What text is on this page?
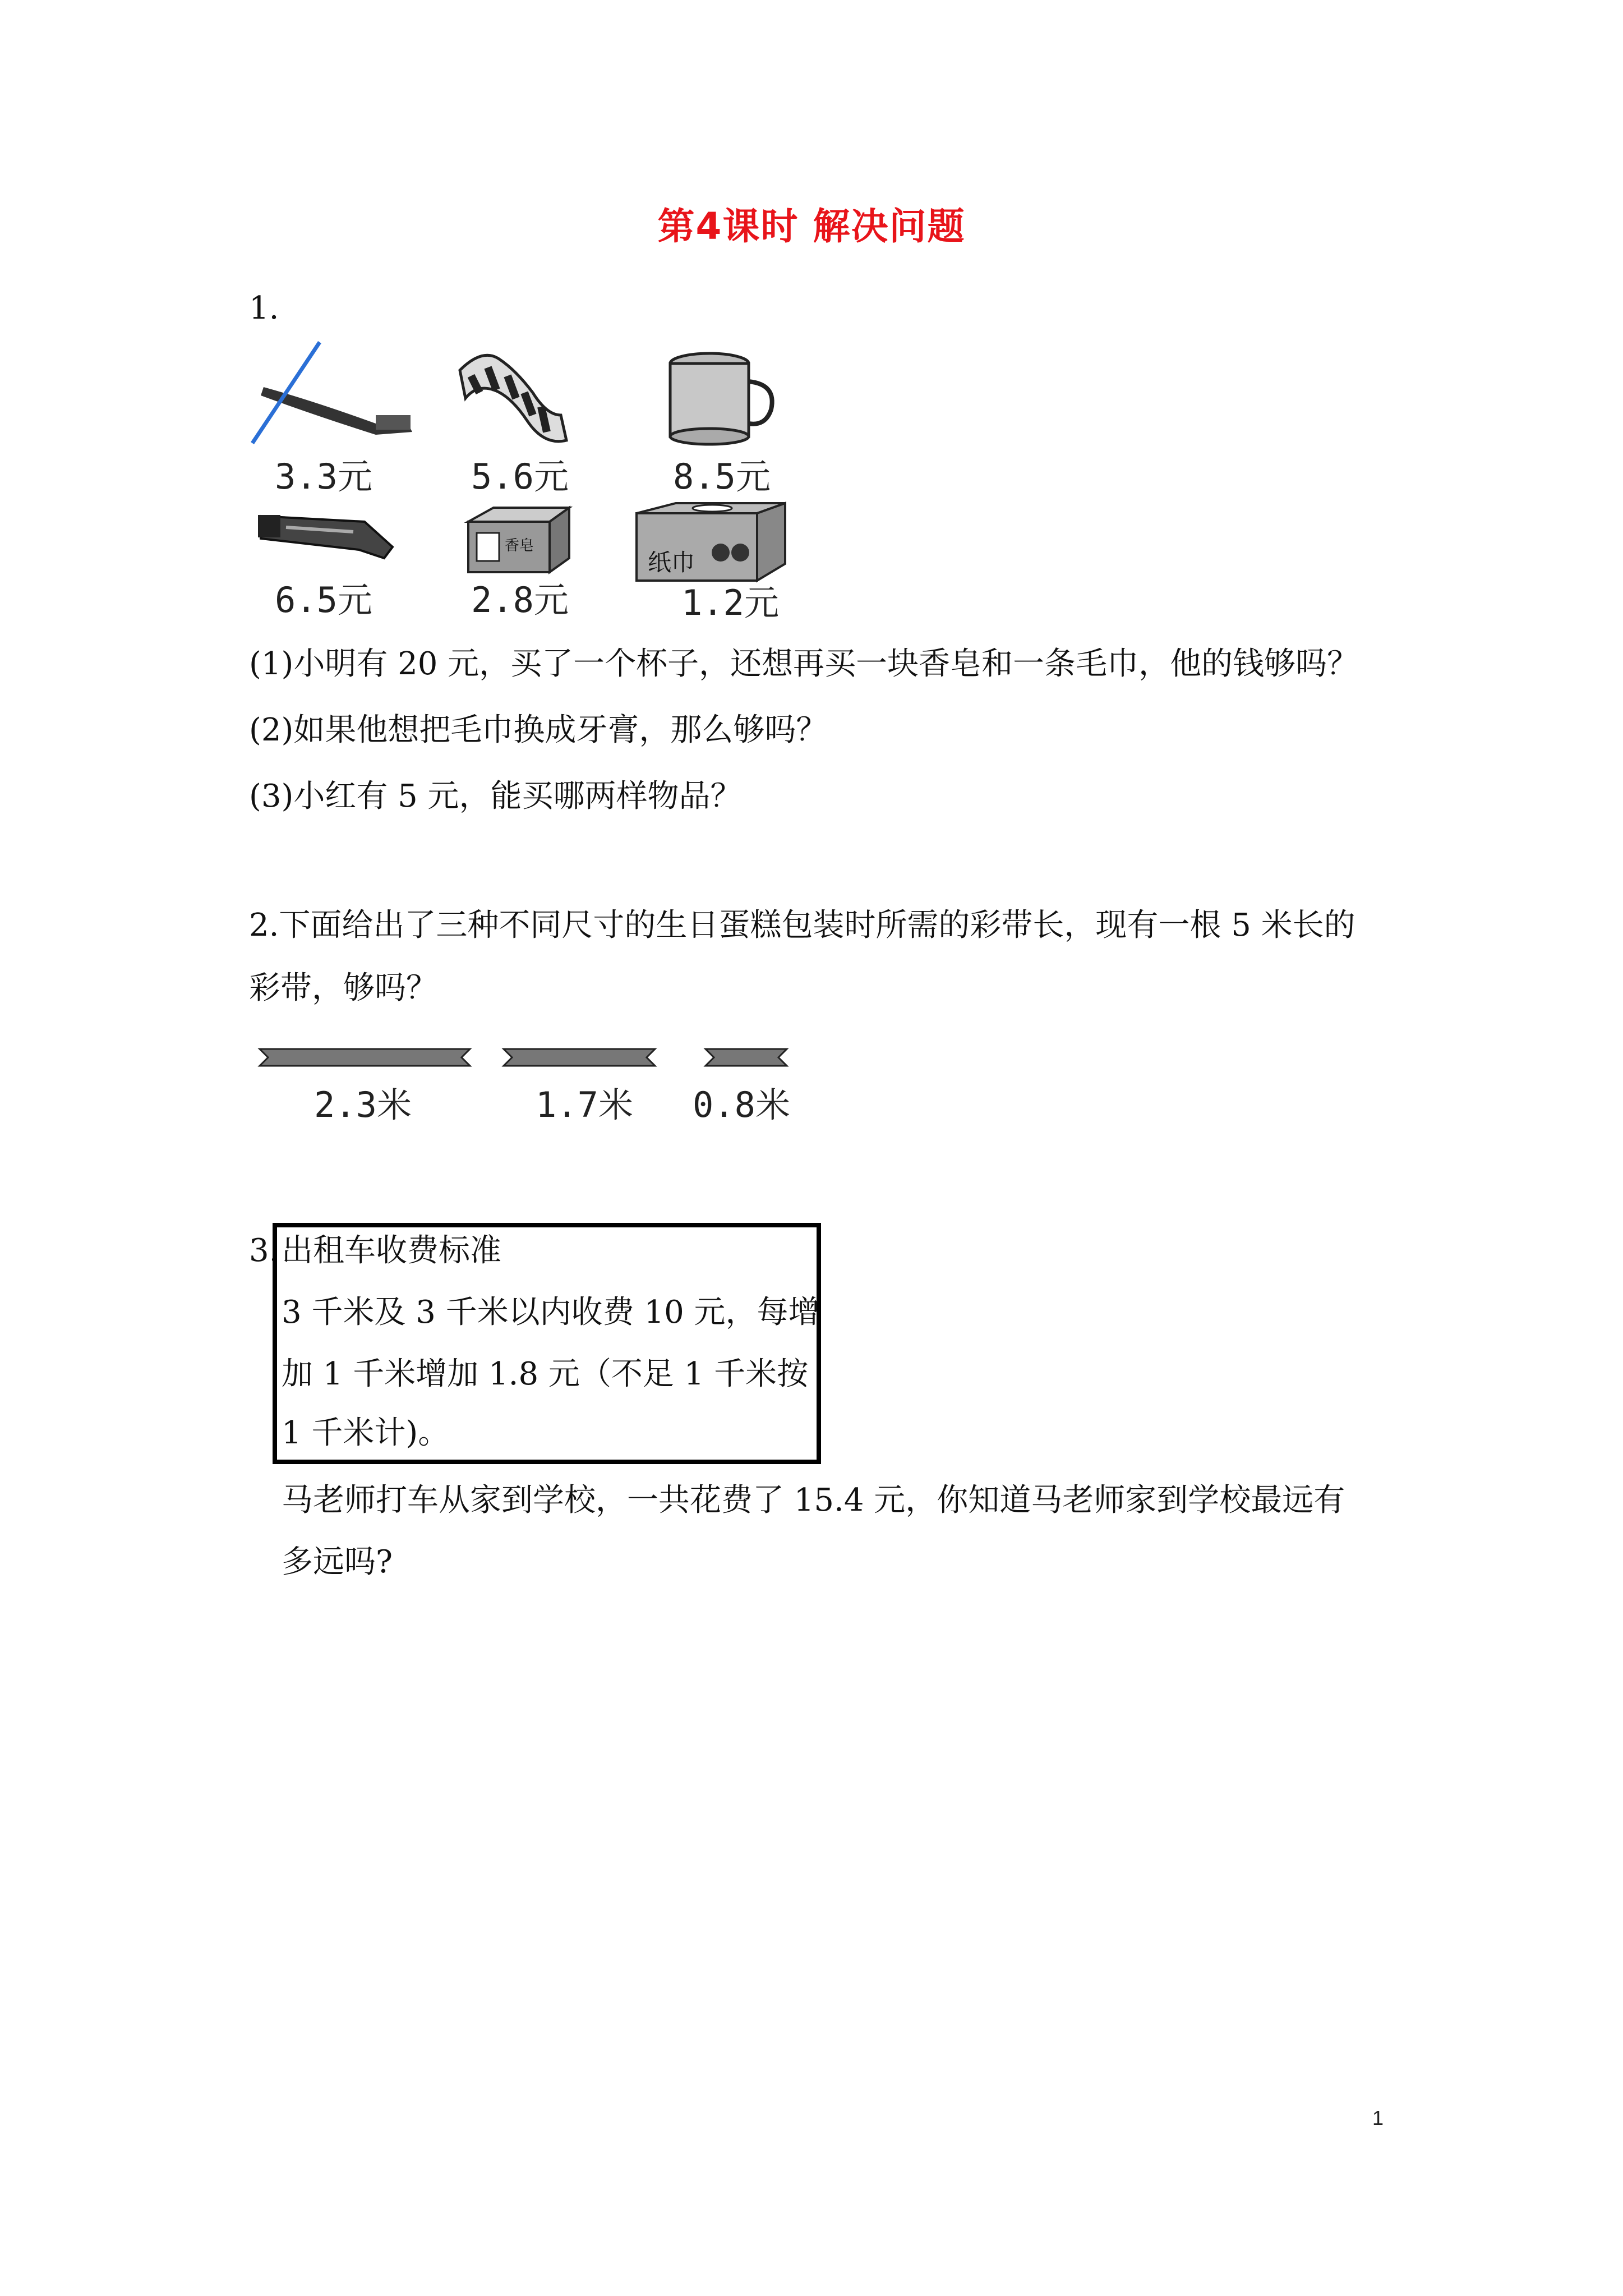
第4课时 解决问题
1.
3.3元	5.6元	8.5元
6.5元
香皂
2.8元
纸巾
1.2元
(1)小明有 20 元，买了一个杯子，还想再买一块香皂和一条毛巾，他的钱够吗？
(2)如果他想把毛巾换成牙膏，那么够吗？
(3)小红有 5 元，能买哪两样物品？
2.下面给出了三种不同尺寸的生日蛋糕包装时所需的彩带长，现有一根 5 米长的
彩带，够吗？
2.3米	1.7米 0.8米
3. 出租车收费标准
3 千米及 3 千米以内收费 10 元，每增
加 1 千米增加 1.8 元（不足 1 千米按
1 千米计)。
马老师打车从家到学校，一共花费了 15.4 元，你知道马老师家到学校最远有
多远吗?
1
